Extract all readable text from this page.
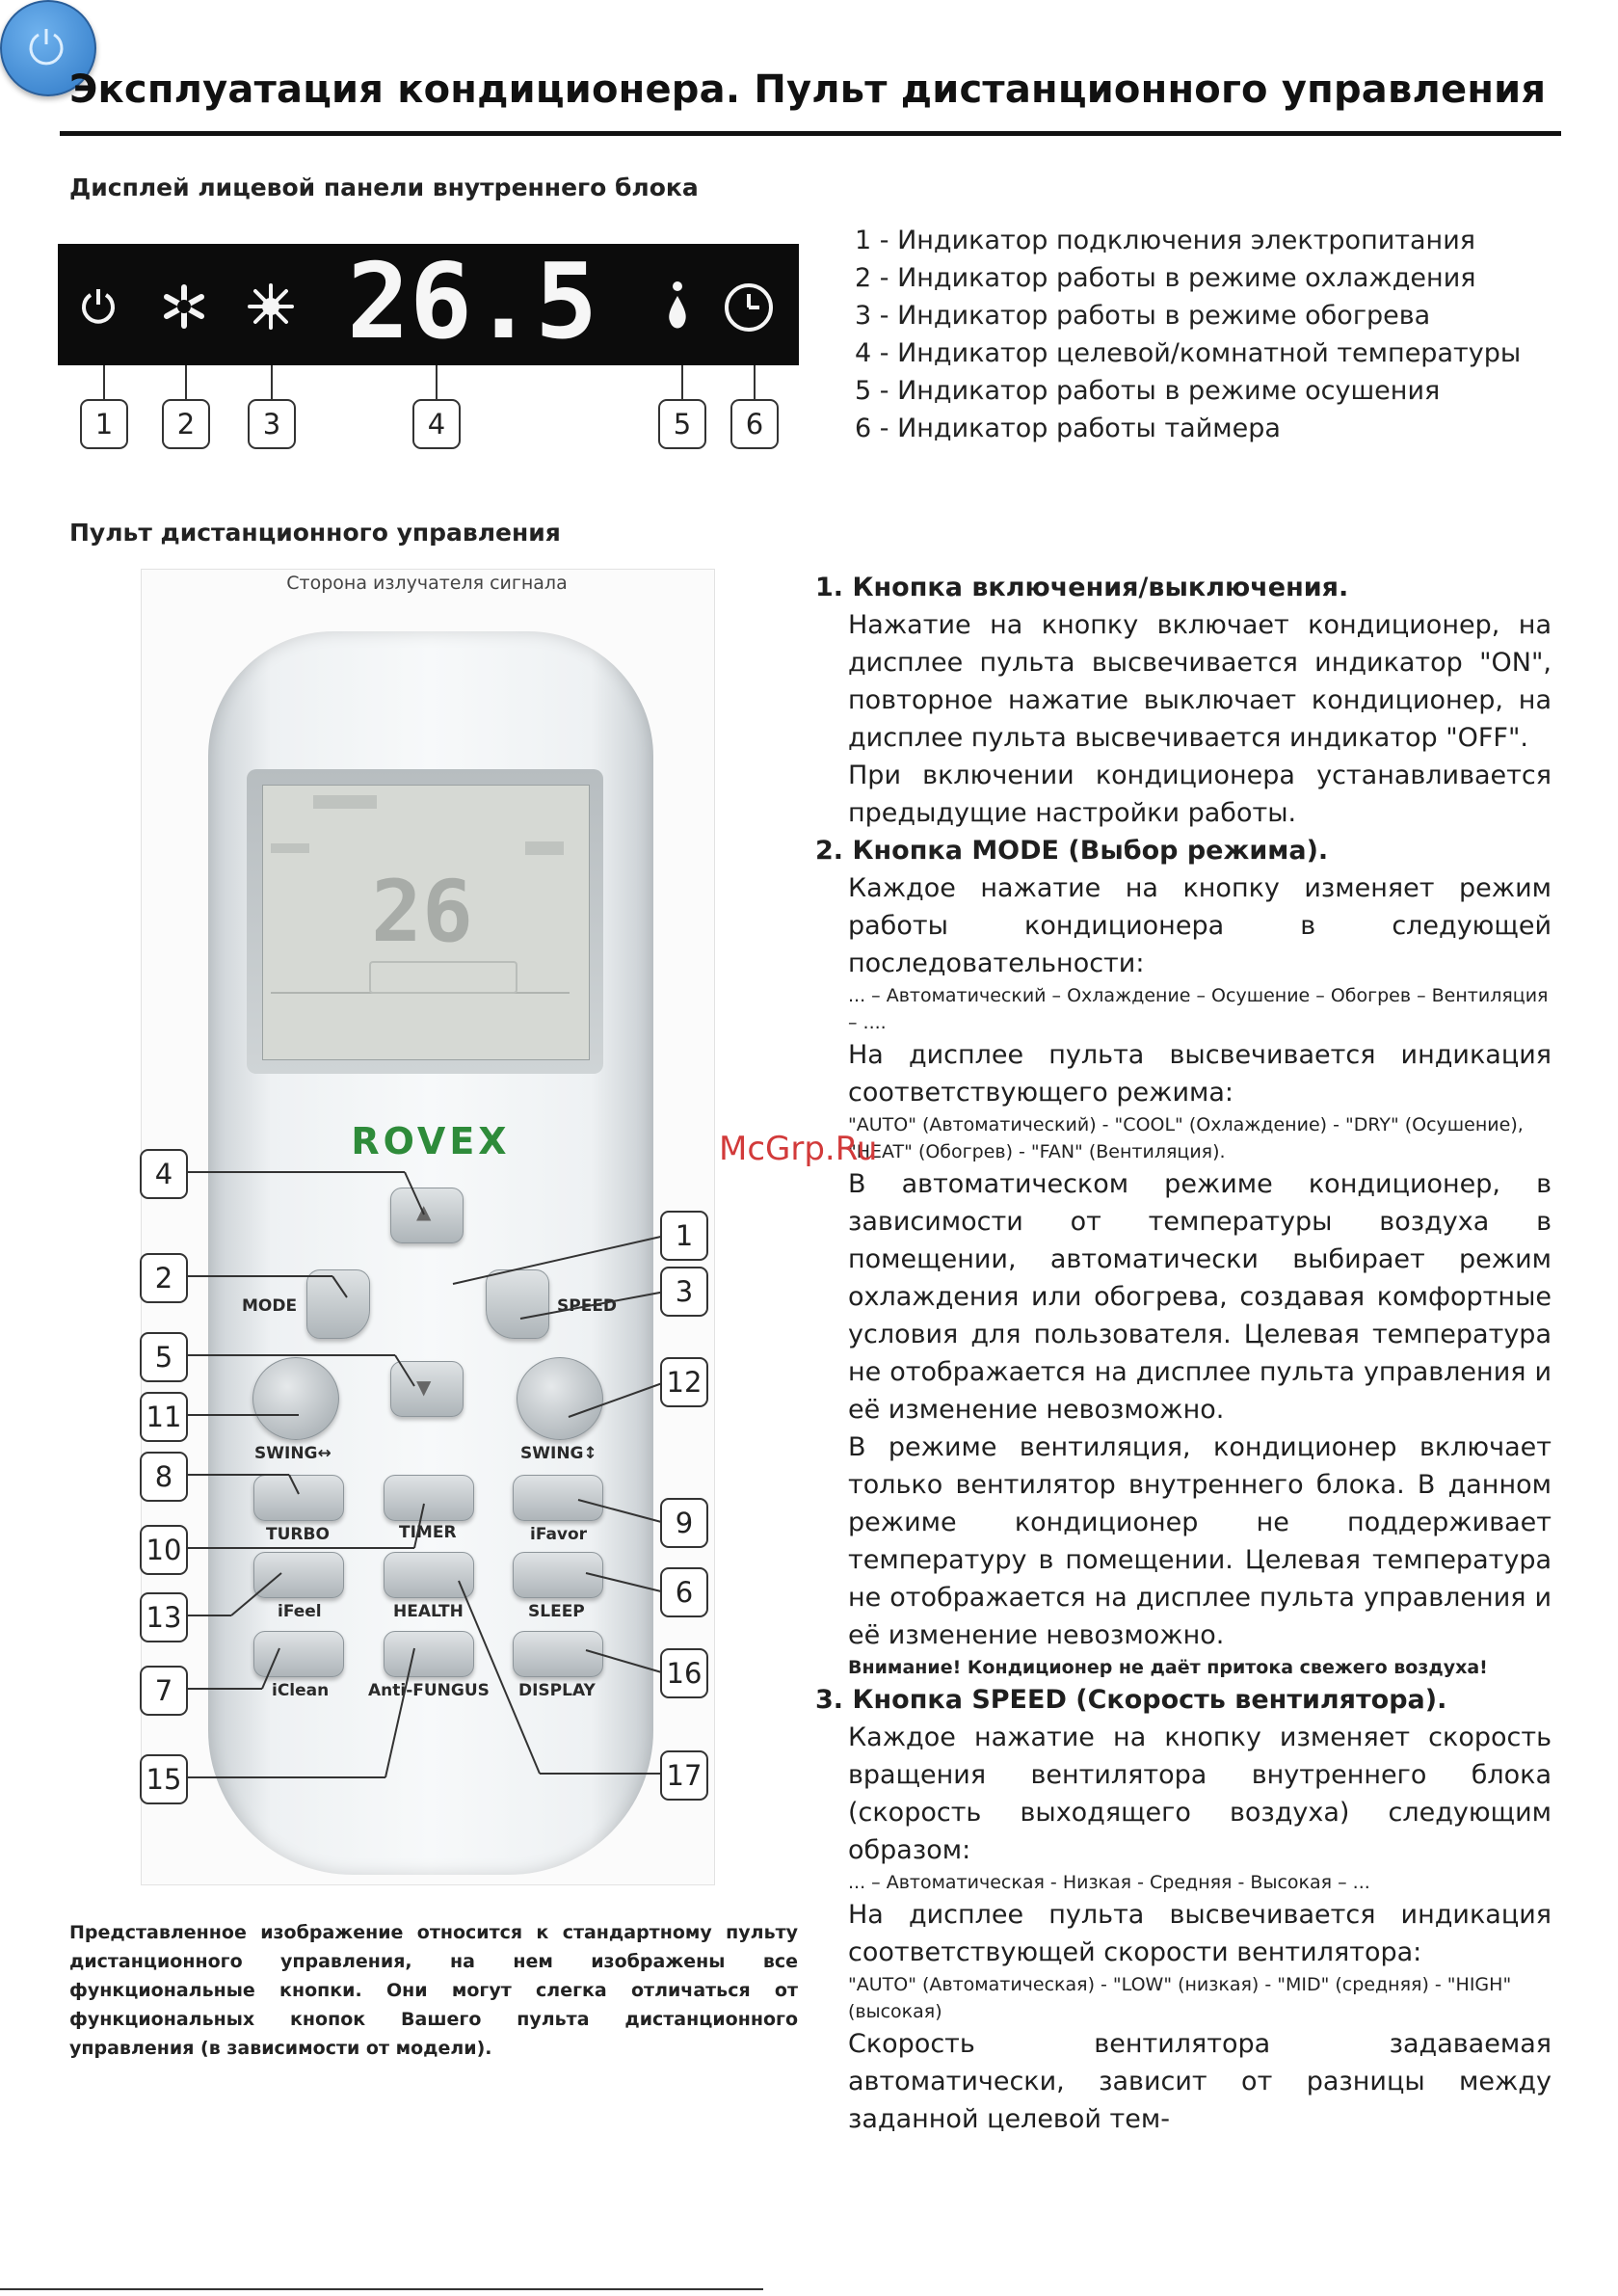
Эксплуатация кондиционера. Пульт дистанционного управления
Дисплей лицевой панели внутреннего блока
26.5
1	2	3	4	5	6
1 - Индикатор подключения электропитания
2 - Индикатор работы в режиме охлаждения
3 - Индикатор работы в режиме обогрева
4 - Индикатор целевой/комнатной температуры
5 - Индикатор работы в режиме осушения
6 - Индикатор работы таймера
Пульт дистанционного управления
Сторона излучателя сигнала
26
ROVEX
▲
▼
MODE	SPEED
SWING↔	SWING↕
TURBO	TIMER	iFavor
iFeel	HEALTH	SLEEP
iClean Anti-FUNGUS DISPLAY
4
1
2	3
5
12
11
8
9
10
6
13
16
7
15	17
Представленное изображение относится к стандартному пульту дистанционного управления, на нем изображены все функциональные кнопки. Они могут слегка отличаться от функциональных кнопок Вашего пульта дистанционного управления (в зависимости от модели).
1. Кнопка включения/выключения.
Нажатие на кнопку включает кондиционер, на дисплее пульта высвечивается индикатор "ON", повторное нажатие выключает кондиционер, на дисплее пульта высвечивается индикатор "OFF".
При включении кондиционера устанавливается предыдущие настройки работы.
2. Кнопка MODE (Выбор режима).
Каждое нажатие на кнопку изменяет режим работы кондиционера в следующей последовательности:
... – Автоматический – Охлаждение – Осушение – Обогрев – Вентиляция – ....
На дисплее пульта высвечивается индикация соответствующего режима:
"AUTO" (Автоматический) - "COOL" (Охлаждение) - "DRY" (Осушение), "HEAT" (Обогрев) - "FAN" (Вентиляция).
В автоматическом режиме кондиционер, в зависимости от температуры воздуха в помещении, автоматически выбирает режим охлаждения или обогрева, создавая комфортные условия для пользователя. Целевая температура не отображается на дисплее пульта управления и её изменение невозможно.
В режиме вентиляция, кондиционер включает только вентилятор внутреннего блока. В данном режиме кондиционер не поддерживает температуру в помещении. Целевая температура не отображается на дисплее пульта управления и её изменение невозможно.
Внимание! Кондиционер не даёт притока свежего воздуха!
3. Кнопка SPEED (Скорость вентилятора).
Каждое нажатие на кнопку изменяет скорость вращения вентилятора внутреннего блока (скорость выходящего воздуха) следующим образом:
... – Автоматическая - Низкая - Средняя - Высокая – ...
На дисплее пульта высвечивается индикация соответствующей скорости вентилятора:
"AUTO" (Автоматическая) - "LOW" (низкая) - "MID" (средняя) - "HIGH" (высокая)
Скорость вентилятора задаваемая автоматически, зависит от разницы между заданной целевой тем-
McGrp.Ru
